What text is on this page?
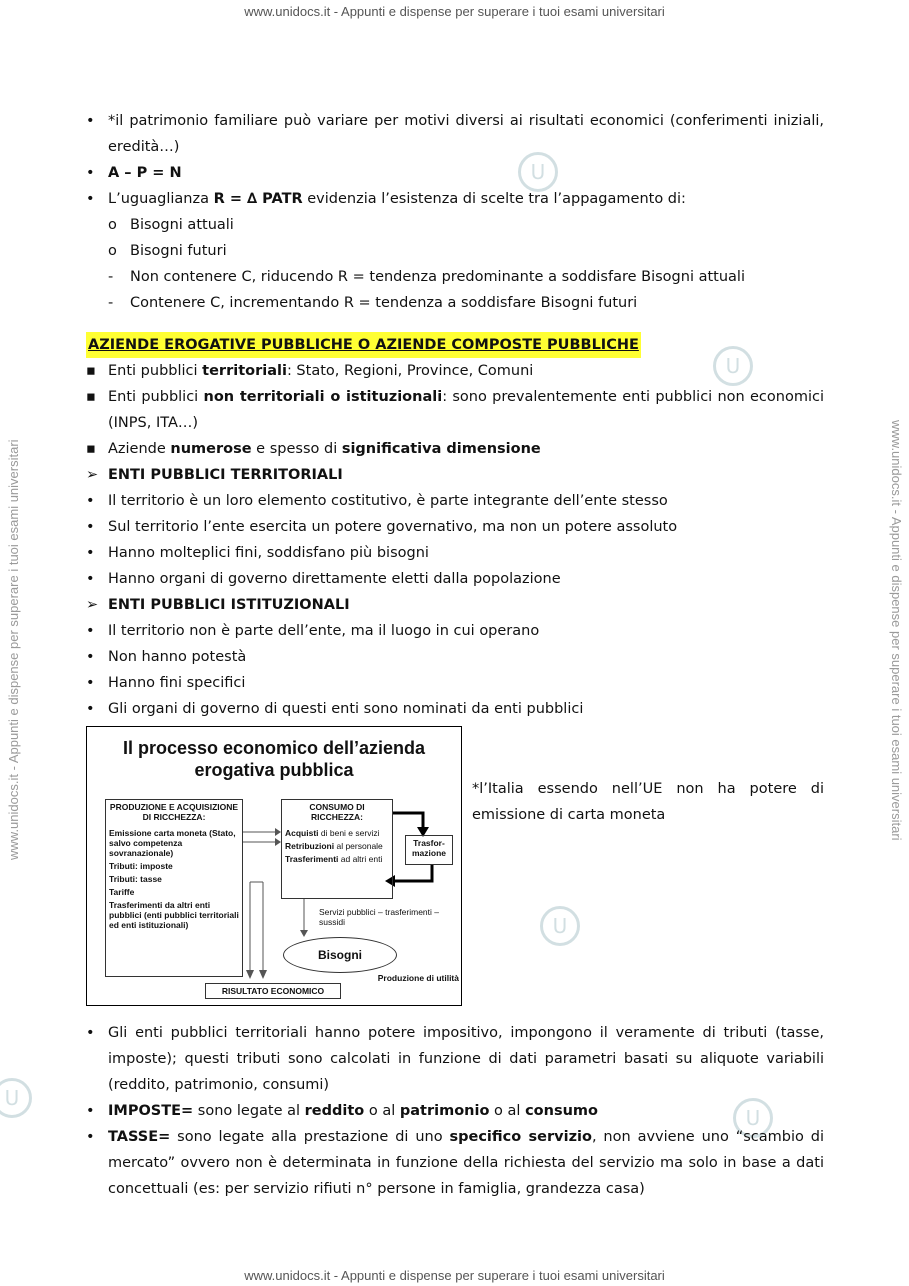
www.unidocs.it - Appunti e dispense per superare i tuoi esami universitari
www.unidocs.it - Appunti e dispense per superare i tuoi esami universitari
www.unidocs.it - Appunti e dispense per superare i tuoi esami universitari	www.unidocs.it - Appunti e dispense per superare i tuoi esami universitari
U
U
U
U
U
• *il patrimonio familiare può variare per motivi diversi ai risultati economici (conferimenti iniziali, eredità…)
• A – P = N
• L’uguaglianza R = ∆ PATR evidenzia l’esistenza di scelte tra l’appagamento di:
o Bisogni attuali
o Bisogni futuri
- Non contenere C, riducendo R = tendenza predominante a soddisfare Bisogni attuali
- Contenere C, incrementando R = tendenza a soddisfare Bisogni futuri
AZIENDE EROGATIVE PUBBLICHE O AZIENDE COMPOSTE PUBBLICHE
▪ Enti pubblici territoriali: Stato, Regioni, Province, Comuni
▪ Enti pubblici non territoriali o istituzionali: sono prevalentemente enti pubblici non economici (INPS, ITA…)
▪ Aziende numerose e spesso di significativa dimensione
➢ ENTI PUBBLICI TERRITORIALI
• Il territorio è un loro elemento costitutivo, è parte integrante dell’ente stesso
• Sul territorio l’ente esercita un potere governativo, ma non un potere assoluto
• Hanno molteplici fini, soddisfano più bisogni
• Hanno organi di governo direttamente eletti dalla popolazione
➢ ENTI PUBBLICI ISTITUZIONALI
• Il territorio non è parte dell’ente, ma il luogo in cui operano
• Non hanno potestà
• Hanno fini specifici
• Gli organi di governo di questi enti sono nominati da enti pubblici
Il processo economico dell’azienda
erogativa pubblica

PRODUZIONE E ACQUISIZIONE DI RICCHEZZA:

Emissione carta moneta (Stato, salvo competenza sovranazionale)

Tributi: imposte

Tributi: tasse

Tariffe

Trasferimenti da altri enti pubblici (enti pubblici territoriali ed enti istituzionali)

CONSUMO DI RICCHEZZA:

Acquisti di beni e servizi

Retribuzioni al personale

Trasferimenti ad altri enti

Trasfor-mazione
Servizi pubblici – trasferimenti – sussidi
Bisogni
RISULTATO ECONOMICO
Produzione di utilità
*l’Italia essendo nell’UE non ha potere di emissione di carta moneta
• Gli enti pubblici territoriali hanno potere impositivo, impongono il veramente di tributi (tasse, imposte); questi tributi sono calcolati in funzione di dati parametri basati su aliquote variabili (reddito, patrimonio, consumi)
• IMPOSTE= sono legate al reddito o al patrimonio o al consumo
• TASSE= sono legate alla prestazione di uno specifico servizio, non avviene uno “scambio di mercato” ovvero non è determinata in funzione della richiesta del servizio ma solo in base a dati concettuali (es: per servizio rifiuti n° persone in famiglia, grandezza casa)
